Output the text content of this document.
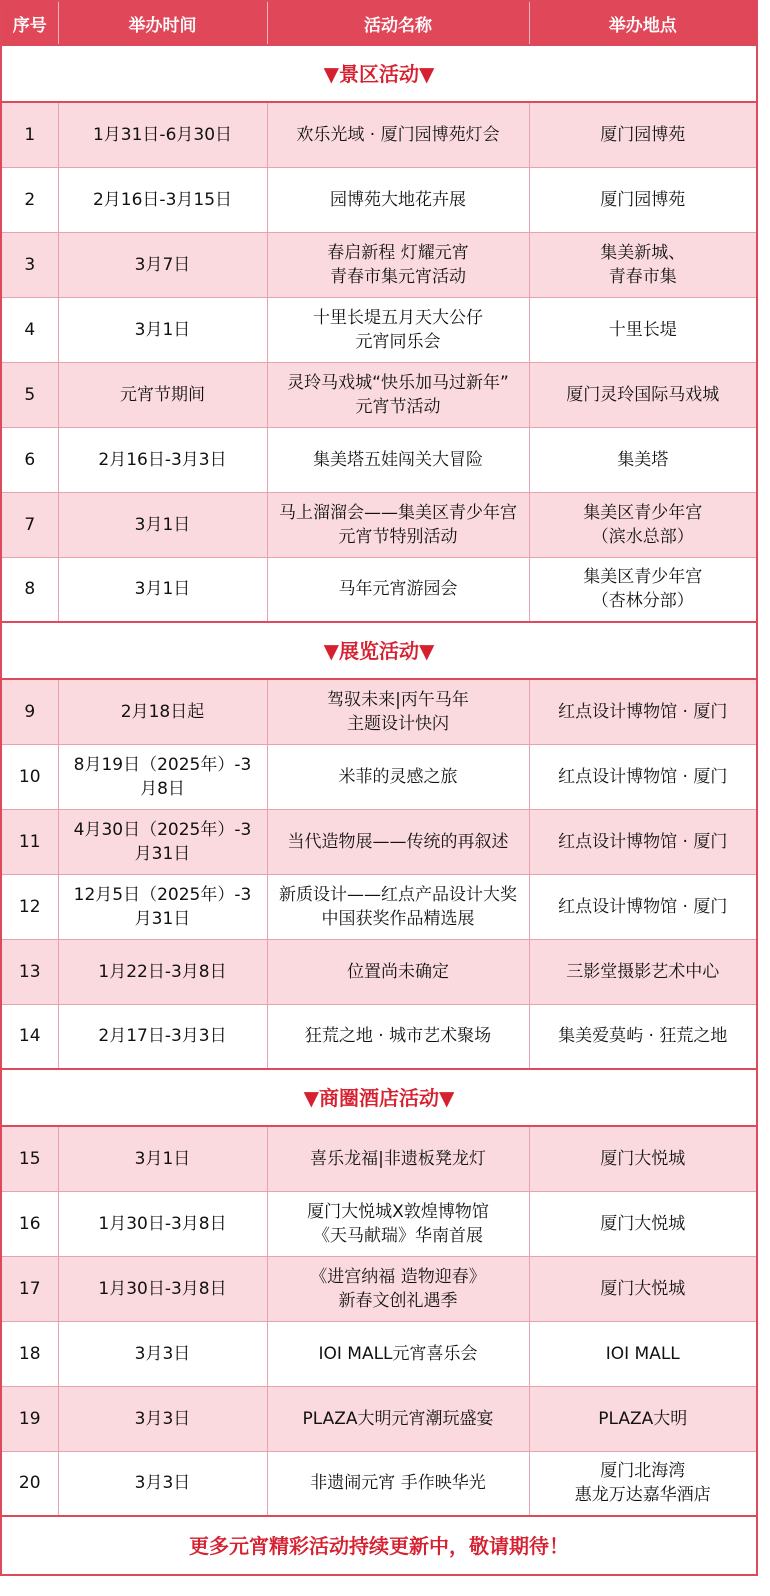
序号	举办时间	活动名称	举办地点
▼景区活动▼			

1	1月31日-6月30日	欢乐光域 · 厦门园博苑灯会	厦门园博苑

2	2月16日-3月15日	园博苑大地花卉展	厦门园博苑

3	3月7日	春启新程 灯耀元宵
青春市集元宵活动	集美新城、
青春市集

4	3月1日	十里长堤五月天大公仔
元宵同乐会	十里长堤

5	元宵节期间	灵玲马戏城“快乐加马过新年”
元宵节活动	厦门灵玲国际马戏城

6	2月16日-3月3日	集美塔五娃闯关大冒险	集美塔

7	3月1日	马上溜溜会——集美区青少年宫
元宵节特别活动	集美区青少年宫
（滨水总部）

8	3月1日	马年元宵游园会	集美区青少年宫
（杏林分部）

▼展览活动▼			

9	2月18日起	驾驭未来|丙午马年
主题设计快闪	红点设计博物馆 · 厦门

10	8月19日（2025年）-3
月8日	米菲的灵感之旅	红点设计博物馆 · 厦门

11	4月30日（2025年）-3
月31日	当代造物展——传统的再叙述	红点设计博物馆 · 厦门

12	12月5日（2025年）-3
月31日	新质设计——红点产品设计大奖
中国获奖作品精选展	红点设计博物馆 · 厦门

13	1月22日-3月8日	位置尚未确定	三影堂摄影艺术中心

14	2月17日-3月3日	狂荒之地 · 城市艺术聚场	集美爱莫屿 · 狂荒之地

▼商圈酒店活动▼			

15	3月1日	喜乐龙福|非遗板凳龙灯	厦门大悦城

16	1月30日-3月8日	厦门大悦城X敦煌博物馆
《天马献瑞》华南首展	厦门大悦城

17	1月30日-3月8日	《进宫纳福 造物迎春》
新春文创礼遇季	厦门大悦城

18	3月3日	IOI MALL元宵喜乐会	IOI MALL

19	3月3日	PLAZA大明元宵潮玩盛宴	PLAZA大明

20	3月3日	非遗闹元宵 手作映华光	厦门北海湾
惠龙万达嘉华酒店

更多元宵精彩活动持续更新中，敬请期待！			
